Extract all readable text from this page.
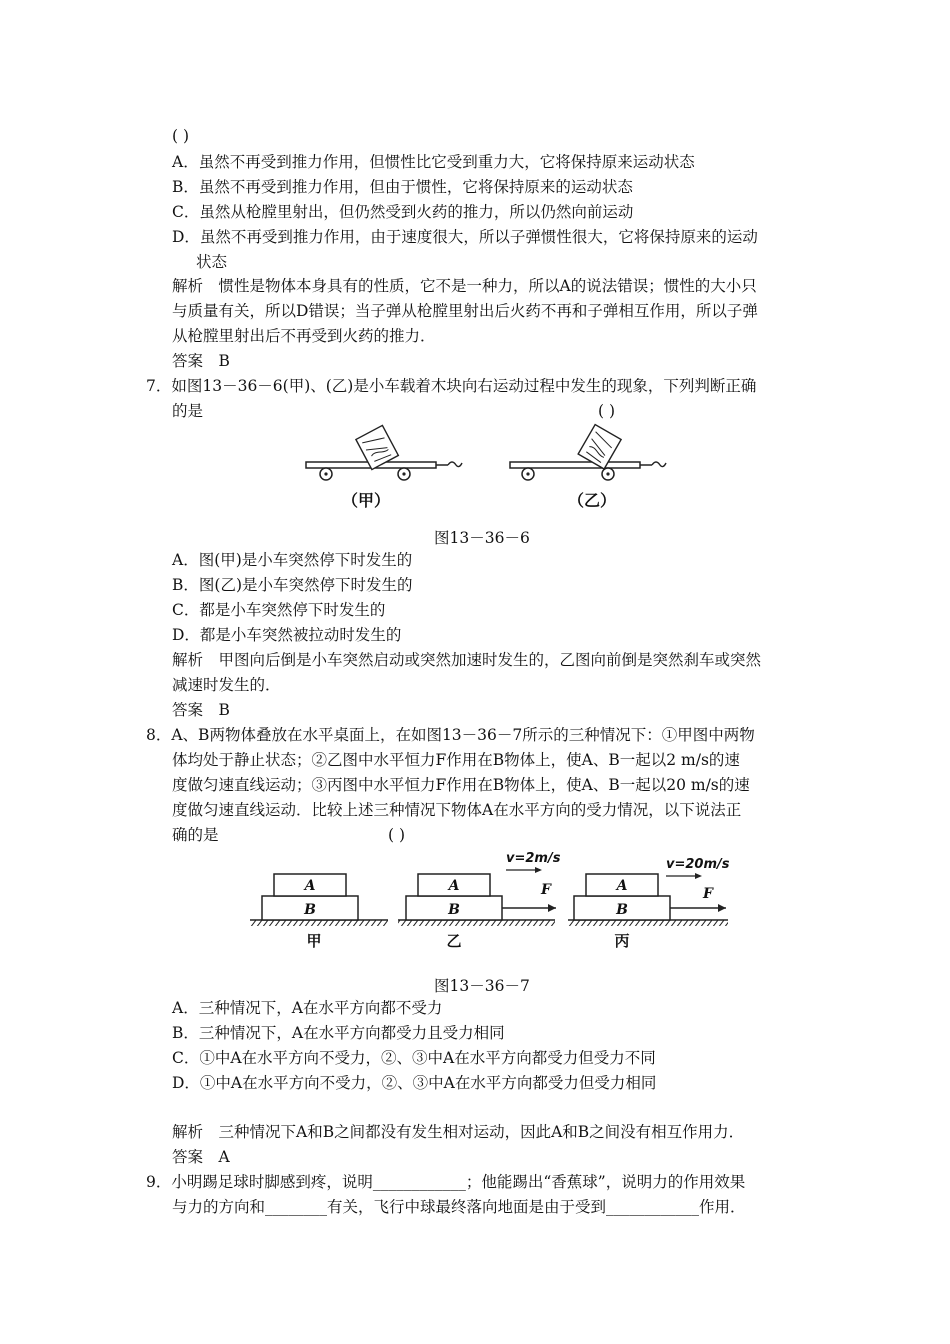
( )
A．虽然不再受到推力作用，但惯性比它受到重力大，它将保持原来运动状态
B．虽然不再受到推力作用，但由于惯性，它将保持原来的运动状态
C．虽然从枪膛里射出，但仍然受到火药的推力，所以仍然向前运动
D．虽然不再受到推力作用，由于速度很大，所以子弹惯性很大，它将保持原来的运动
状态
解析　惯性是物体本身具有的性质，它不是一种力，所以A的说法错误；惯性的大小只
与质量有关，所以D错误；当子弹从枪膛里射出后火药不再和子弹相互作用，所以子弹
从枪膛里射出后不再受到火药的推力．
答案　B
7．如图13－36－6(甲)、(乙)是小车载着木块向右运动过程中发生的现象，下列判断正确
的是	( )
（甲）	（乙）
图13－36－6
A．图(甲)是小车突然停下时发生的
B．图(乙)是小车突然停下时发生的
C．都是小车突然停下时发生的
D．都是小车突然被拉动时发生的
解析　甲图向后倒是小车突然启动或突然加速时发生的，乙图向前倒是突然刹车或突然
减速时发生的．
答案　B
8．A、B两物体叠放在水平桌面上，在如图13－36－7所示的三种情况下：①甲图中两物
体均处于静止状态；②乙图中水平恒力F作用在B物体上，使A、B一起以2 m/s的速
度做匀速直线运动；③丙图中水平恒力F作用在B物体上，使A、B一起以20 m/s的速
度做匀速直线运动．比较上述三种情况下物体A在水平方向的受力情况，以下说法正
确的是	( )
A
B
甲
A
B
F
v=2m/s
乙
A
B
F
v=20m/s
丙
图13－36－7
A．三种情况下，A在水平方向都不受力
B．三种情况下，A在水平方向都受力且受力相同
C．①中A在水平方向不受力，②、③中A在水平方向都受力但受力不同
D．①中A在水平方向不受力，②、③中A在水平方向都受力但受力相同
解析　三种情况下A和B之间都没有发生相对运动，因此A和B之间没有相互作用力．
答案　A
9．小明踢足球时脚感到疼，说明____________；他能踢出“香蕉球”，说明力的作用效果
与力的方向和________有关，飞行中球最终落向地面是由于受到____________作用．
